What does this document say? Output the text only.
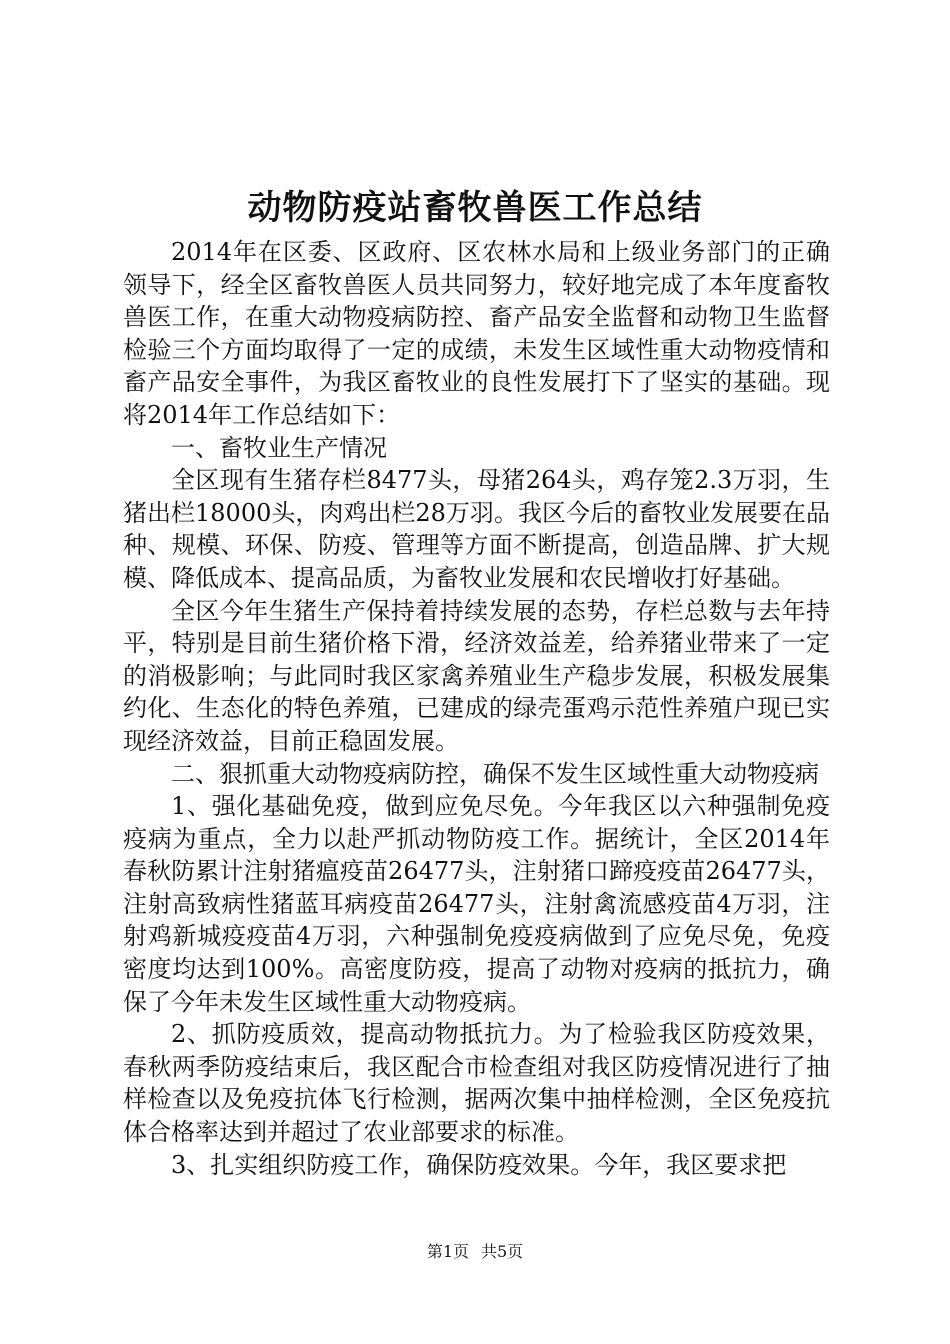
动物防疫站畜牧兽医工作总结

2014年在区委、区政府、区农林水局和上级业务部门的正确领导下，经全区畜牧兽医人员共同努力，较好地完成了本年度畜牧兽医工作，在重大动物疫病防控、畜产品安全监督和动物卫生监督检验三个方面均取得了一定的成绩，未发生区域性重大动物疫情和畜产品安全事件，为我区畜牧业的良性发展打下了坚实的基础。现将2014年工作总结如下：

一、畜牧业生产情况

全区现有生猪存栏8477头，母猪264头，鸡存笼2.3万羽，生猪出栏18000头，肉鸡出栏28万羽。我区今后的畜牧业发展要在品种、规模、环保、防疫、管理等方面不断提高，创造品牌、扩大规模、降低成本、提高品质，为畜牧业发展和农民增收打好基础。

全区今年生猪生产保持着持续发展的态势，存栏总数与去年持平，特别是目前生猪价格下滑，经济效益差，给养猪业带来了一定的消极影响；与此同时我区家禽养殖业生产稳步发展，积极发展集约化、生态化的特色养殖，已建成的绿壳蛋鸡示范性养殖户现已实现经济效益，目前正稳固发展。

二、狠抓重大动物疫病防控，确保不发生区域性重大动物疫病

1、强化基础免疫，做到应免尽免。今年我区以六种强制免疫疫病为重点，全力以赴严抓动物防疫工作。据统计，全区2014年春秋防累计注射猪瘟疫苗26477头，注射猪口蹄疫疫苗26477头，注射高致病性猪蓝耳病疫苗26477头，注射禽流感疫苗4万羽，注射鸡新城疫疫苗4万羽，六种强制免疫疫病做到了应免尽免，免疫密度均达到100%。高密度防疫，提高了动物对疫病的抵抗力，确保了今年未发生区域性重大动物疫病。

2、抓防疫质效，提高动物抵抗力。为了检验我区防疫效果，春秋两季防疫结束后，我区配合市检查组对我区防疫情况进行了抽样检查以及免疫抗体飞行检测，据两次集中抽样检测，全区免疫抗体合格率达到并超过了农业部要求的标准。

3、扎实组织防疫工作，确保防疫效果。今年，我区要求把

第1页 共5页
